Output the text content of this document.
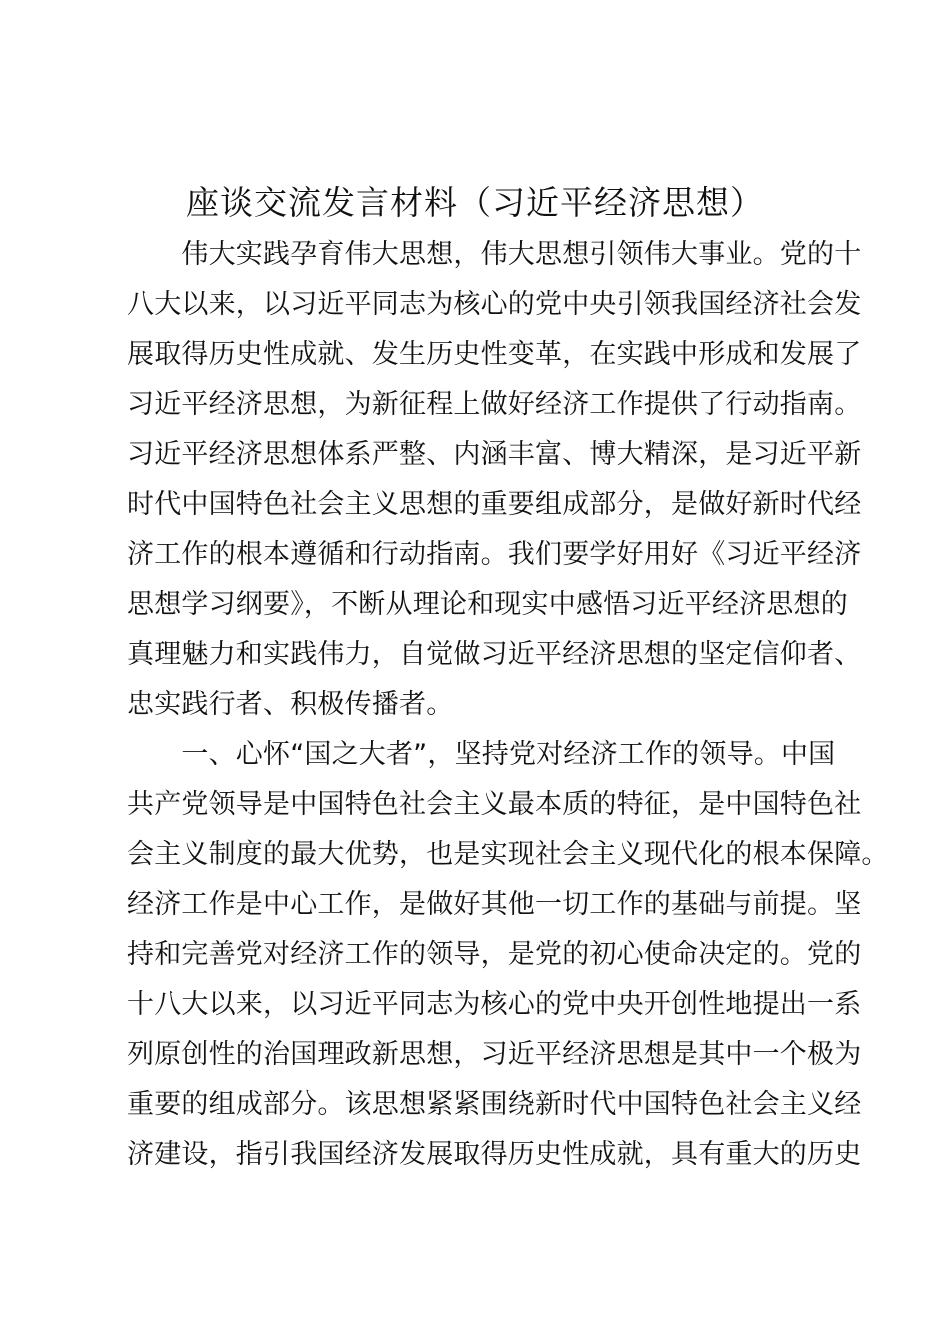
座谈交流发言材料（习近平经济思想）
　　伟大实践孕育伟大思想，伟大思想引领伟大事业。党的十
八大以来，以习近平同志为核心的党中央引领我国经济社会发
展取得历史性成就、发生历史性变革，在实践中形成和发展了
习近平经济思想，为新征程上做好经济工作提供了行动指南。
习近平经济思想体系严整、内涵丰富、博大精深，是习近平新
时代中国特色社会主义思想的重要组成部分，是做好新时代经
济工作的根本遵循和行动指南。我们要学好用好《习近平经济
思想学习纲要》，不断从理论和现实中感悟习近平经济思想的
真理魅力和实践伟力，自觉做习近平经济思想的坚定信仰者、
忠实践行者、积极传播者。
　　一、心怀“国之大者”，坚持党对经济工作的领导。中国
共产党领导是中国特色社会主义最本质的特征，是中国特色社
会主义制度的最大优势，也是实现社会主义现代化的根本保障。
经济工作是中心工作，是做好其他一切工作的基础与前提。坚
持和完善党对经济工作的领导，是党的初心使命决定的。党的
十八大以来，以习近平同志为核心的党中央开创性地提出一系
列原创性的治国理政新思想，习近平经济思想是其中一个极为
重要的组成部分。该思想紧紧围绕新时代中国特色社会主义经
济建设，指引我国经济发展取得历史性成就，具有重大的历史
